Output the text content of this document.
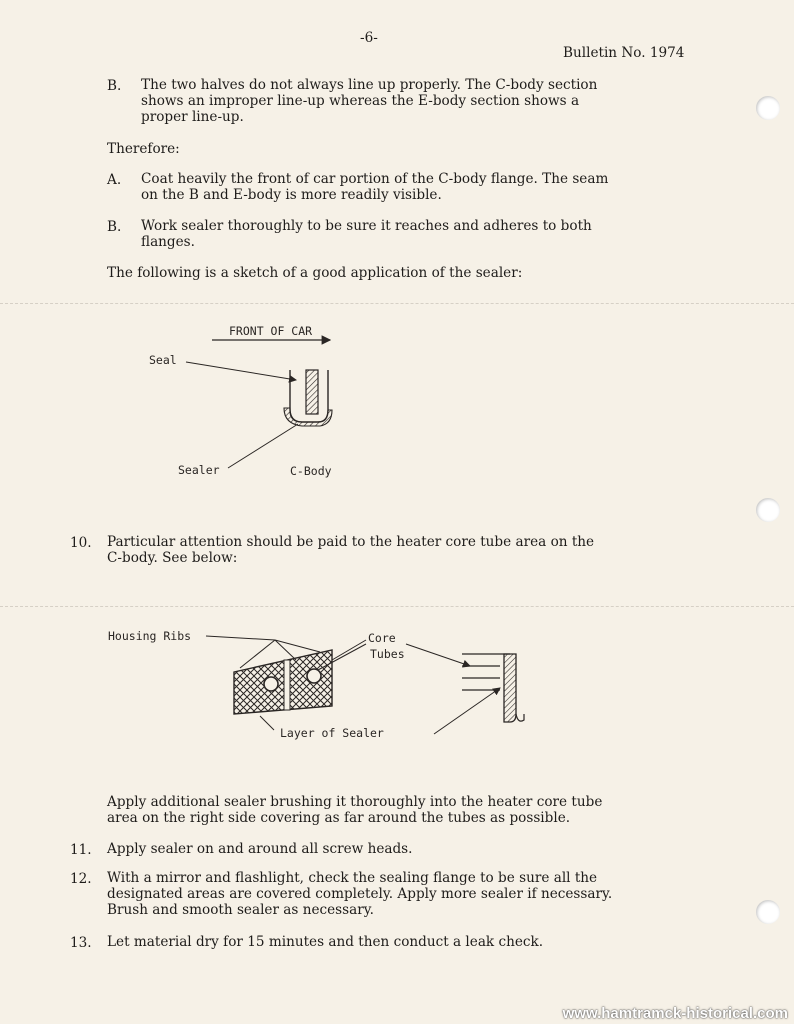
-6-
Bulletin No. 1974
B. The two halves do not always line up properly. The C-body section
shows an improper line-up whereas the E-body section shows a
proper line-up.
Therefore:
A. Coat heavily the front of car portion of the C-body flange. The seam
on the B and E-body is more readily visible.
B. Work sealer thoroughly to be sure it reaches and adheres to both
flanges.
The following is a sketch of a good application of the sealer:
FRONT OF CAR
Seal
Sealer	C-Body
10. Particular attention should be paid to the heater core tube area on the
C-body. See below:
Housing Ribs	Core
Tubes
Layer of Sealer
Apply additional sealer brushing it thoroughly into the heater core tube
area on the right side covering as far around the tubes as possible.
11. Apply sealer on and around all screw heads.
12. With a mirror and flashlight, check the sealing flange to be sure all the
designated areas are covered completely. Apply more sealer if necessary.
Brush and smooth sealer as necessary.
13. Let material dry for 15 minutes and then conduct a leak check.
www.hamtramck-historical.com
